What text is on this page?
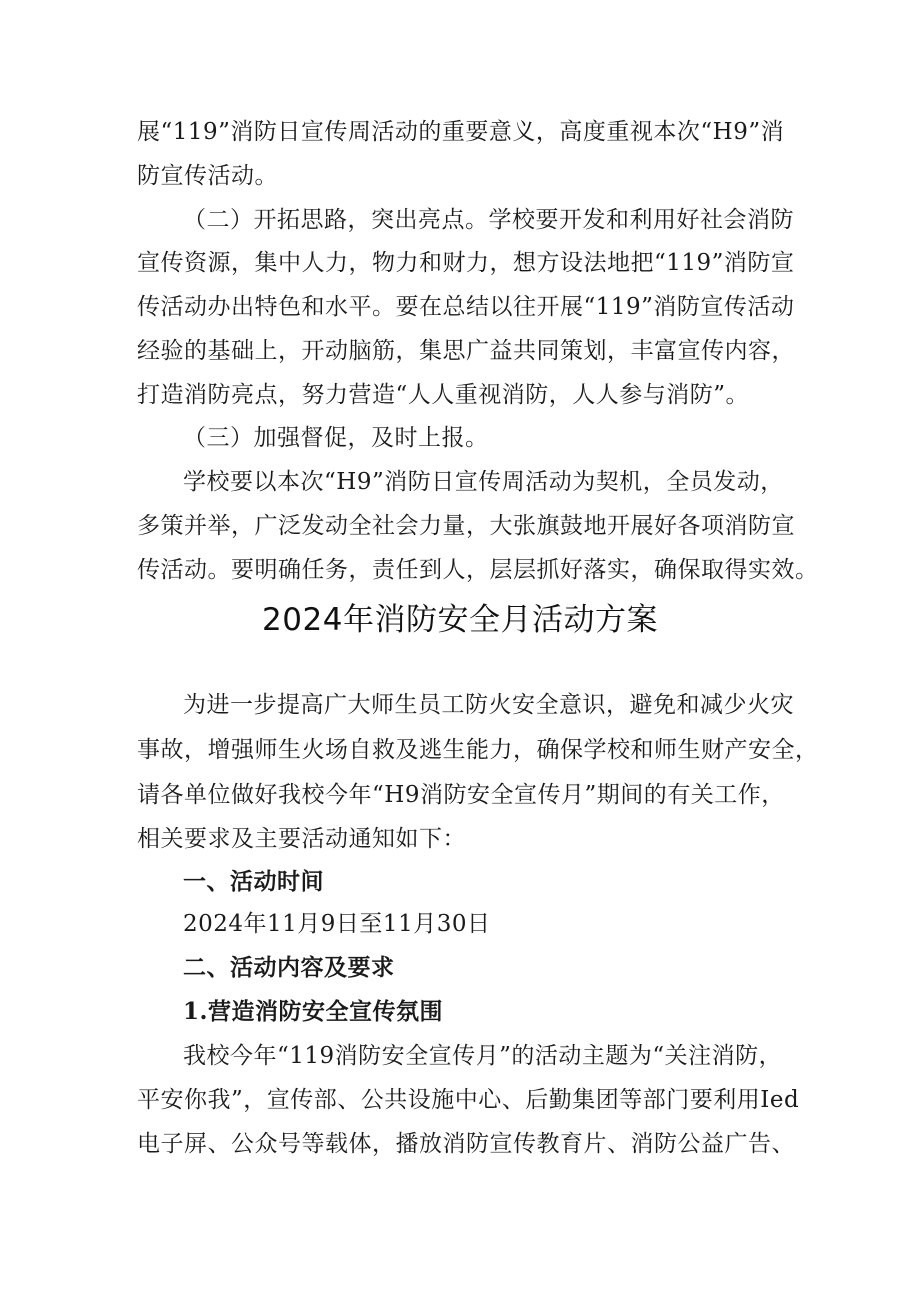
展“119”消防日宣传周活动的重要意义，高度重视本次“H9”消
防宣传活动。
（二）开拓思路，突出亮点。学校要开发和利用好社会消防
宣传资源，集中人力，物力和财力，想方设法地把“119”消防宣
传活动办出特色和水平。要在总结以往开展“119”消防宣传活动
经验的基础上，开动脑筋，集思广益共同策划，丰富宣传内容，
打造消防亮点，努力营造“人人重视消防，人人参与消防”。
（三）加强督促，及时上报。
学校要以本次“H9”消防日宣传周活动为契机，全员发动，
多策并举，广泛发动全社会力量，大张旗鼓地开展好各项消防宣
传活动。要明确任务，责任到人，层层抓好落实，确保取得实效。
2024年消防安全月活动方案
为进一步提高广大师生员工防火安全意识，避免和减少火灾
事故，增强师生火场自救及逃生能力，确保学校和师生财产安全，
请各单位做好我校今年“H9消防安全宣传月”期间的有关工作，
相关要求及主要活动通知如下：
一、活动时间
2024年11月9日至11月30日
二、活动内容及要求
1.营造消防安全宣传氛围
我校今年“119消防安全宣传月”的活动主题为“关注消防，
平安你我”，宣传部、公共设施中心、后勤集团等部门要利用Ied
电子屏、公众号等载体，播放消防宣传教育片、消防公益广告、
